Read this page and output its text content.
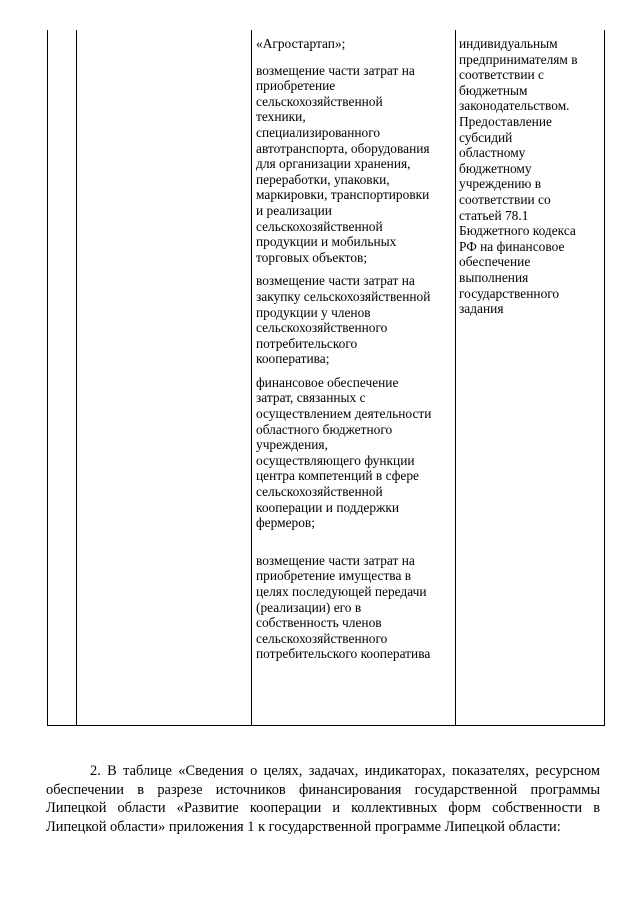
«Агростартап»;
возмещение части затрат на
приобретение
сельскохозяйственной
техники,
специализированного
автотранспорта, оборудования
для организации хранения,
переработки, упаковки,
маркировки, транспортировки
и реализации
сельскохозяйственной
продукции и мобильных
торговых объектов;
возмещение части затрат на
закупку сельскохозяйственной
продукции у членов
сельскохозяйственного
потребительского
кооператива;
финансовое обеспечение
затрат, связанных с
осуществлением деятельности
областного бюджетного
учреждения,
осуществляющего функции
центра компетенций в сфере
сельскохозяйственной
кооперации и поддержки
фермеров;
возмещение части затрат на
приобретение имущества в
целях последующей передачи
(реализации) его в
собственность членов
сельскохозяйственного
потребительского кооператива
индивидуальным
предпринимателям в
соответствии с
бюджетным
законодательством.
Предоставление
субсидий
областному
бюджетному
учреждению в
соответствии со
статьей 78.1
Бюджетного кодекса
РФ на финансовое
обеспечение
выполнения
государственного
задания

2. В таблице «Сведения о целях, задачах, индикаторах, показателях, ресурсном обеспечении в разрезе источников финансирования государственной программы Липецкой области «Развитие кооперации и коллективных форм собственности в Липецкой области» приложения 1 к государственной программе Липецкой области:
